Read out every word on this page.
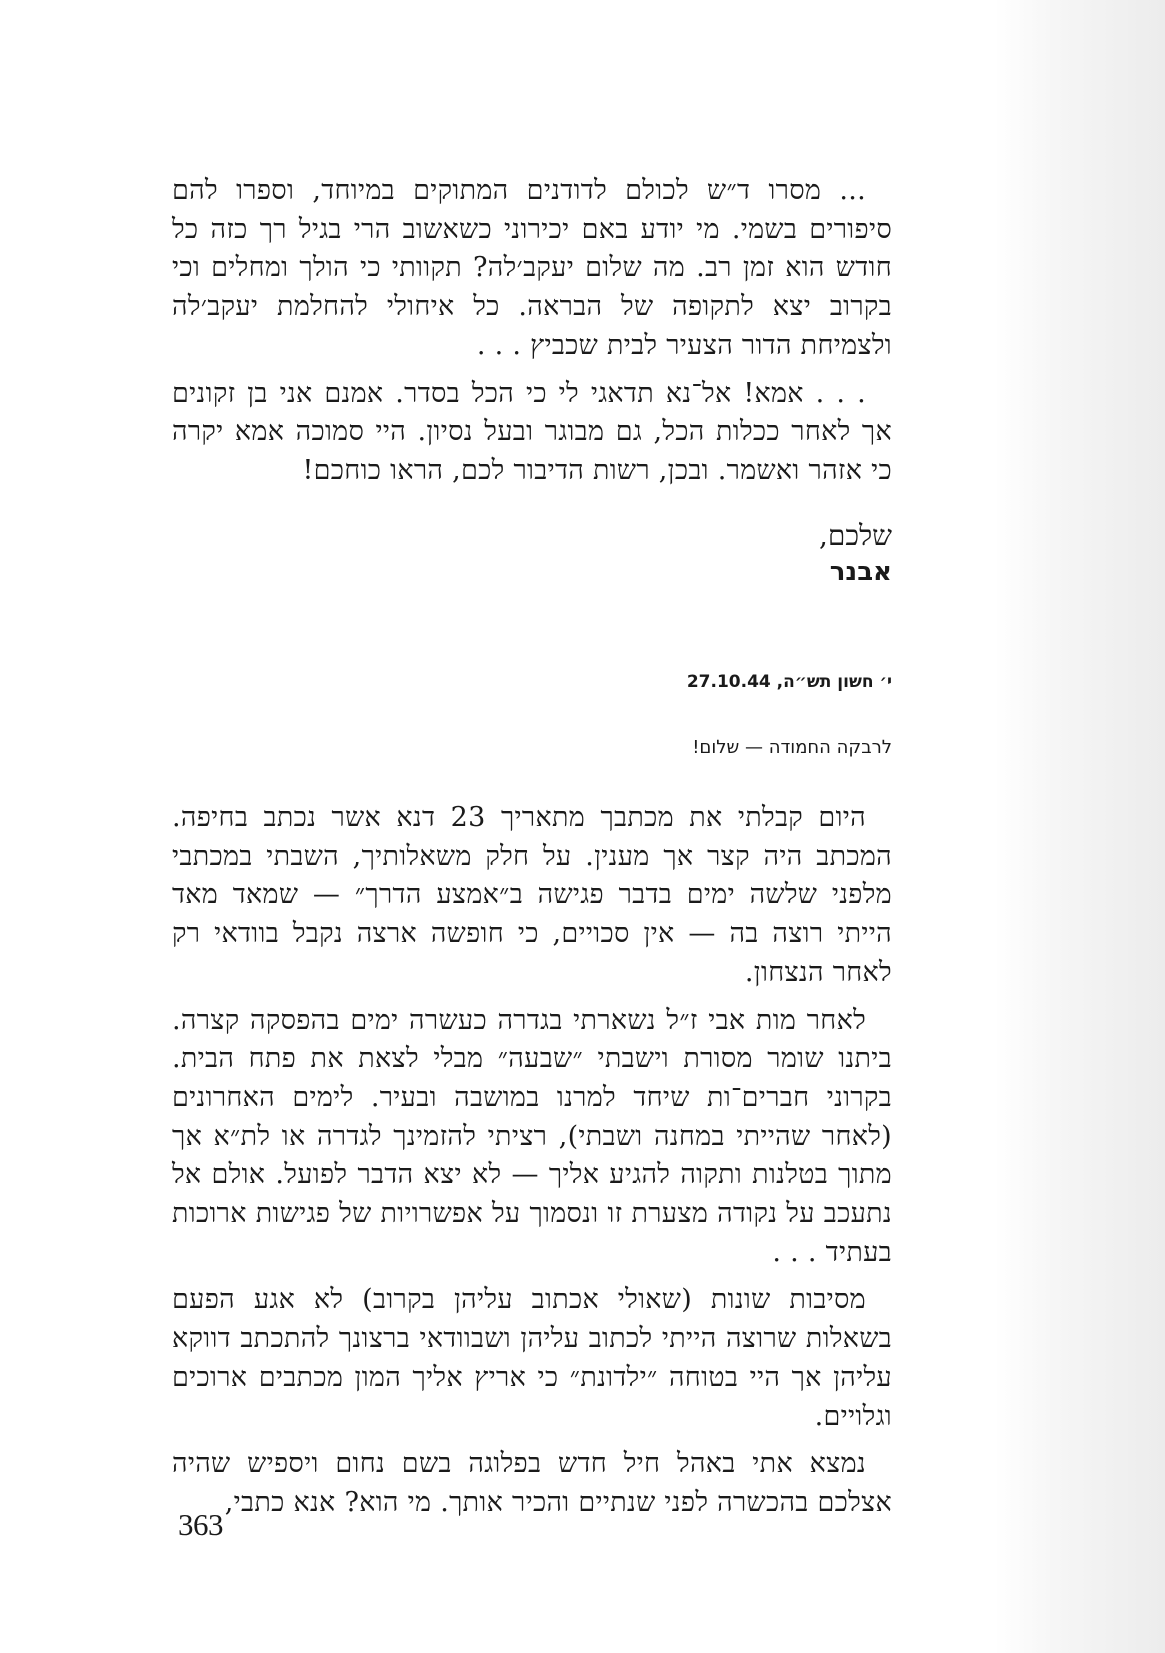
... מסרו ד״ש לכולם לדודנים המתוקים במיוחד, וספרו להם סיפורים בשמי. מי יודע באם יכירוני כשאשוב הרי בגיל רך כזה כל חודש הוא זמן רב. מה שלום יעקב׳לה? תקוותי כי הולך ומחלים וכי בקרוב יצא לתקופה של הבראה. כל איחולי להחלמת יעקב׳לה ולצמיחת הדור הצעיר לבית שכביץ . . .

. . . אמא! אל־נא תדאגי לי כי הכל בסדר. אמנם אני בן זקונים אך לאחר ככלות הכל, גם מבוגר ובעל נסיון. היי סמוכה אמא יקרה כי אזהר ואשמר. ובכן, רשות הדיבור לכם, הראו כוחכם!

שלכם,
אבנר
י׳ חשון תש״ה, 27.10.44
לרבקה החמודה — שלום!

היום קבלתי את מכתבך מתאריך 23 דנא אשר נכתב בחיפה. המכתב היה קצר אך מענין. על חלק משאלותיך, השבתי במכתבי מלפני שלשה ימים בדבר פגישה ב״אמצע הדרך״ — שמאד מאד הייתי רוצה בה — אין סכויים, כי חופשה ארצה נקבל בוודאי רק לאחר הנצחון.

לאחר מות אבי ז״ל נשארתי בגדרה כעשרה ימים בהפסקה קצרה. ביתנו שומר מסורת וישבתי ״שבעה״ מבלי לצאת את פתח הבית. בקרוני חברים־ות שיחד למרנו במושבה ובעיר. לימים האחרונים (לאחר שהייתי במחנה ושבתי), רציתי להזמינך לגדרה או לת״א אך מתוך בטלנות ותקוה להגיע אליך — לא יצא הדבר לפועל. אולם אל נתעכב על נקודה מצערת זו ונסמוך על אפשרויות של פגישות ארוכות בעתיד . . .

מסיבות שונות (שאולי אכתוב עליהן בקרוב) לא אגע הפעם בשאלות שרוצה הייתי לכתוב עליהן ושבוודאי ברצונך להתכתב דווקא עליהן אך היי בטוחה ״ילדונת״ כי אריץ אליך המון מכתבים ארוכים וגלויים.

נמצא אתי באהל חיל חדש בפלוגה בשם נחום ויספיש שהיה אצלכם בהכשרה לפני שנתיים והכיר אותך. מי הוא? אנא כתבי,

363
